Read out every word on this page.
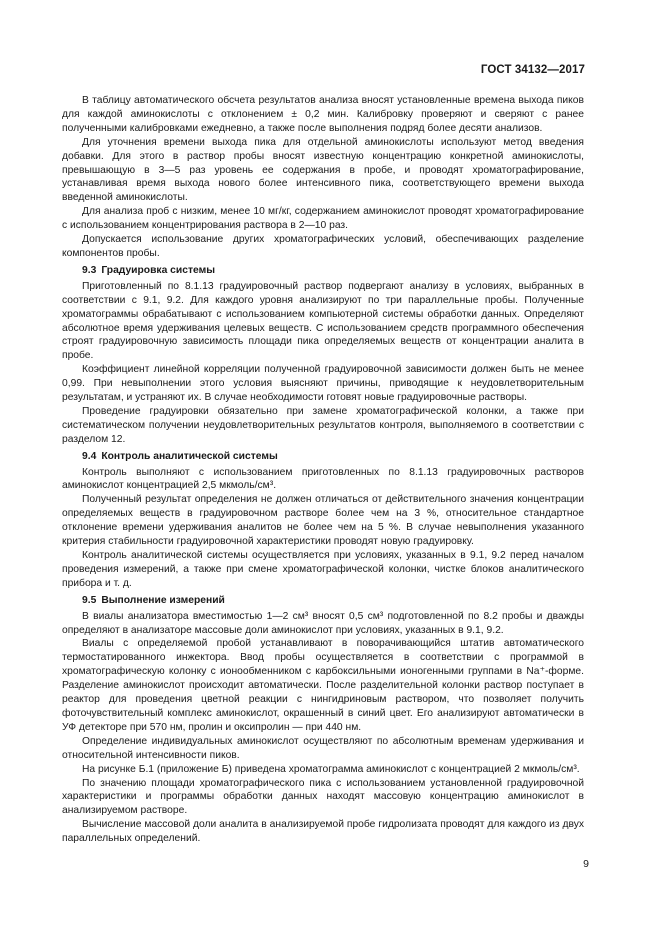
ГОСТ 34132—2017

В таблицу автоматического обсчета результатов анализа вносят установленные времена выхода пиков для каждой аминокислоты с отклонением ± 0,2 мин. Калибровку проверяют и сверяют с ранее полученными калибровками ежедневно, а также после выполнения подряд более десяти анализов.

Для уточнения времени выхода пика для отдельной аминокислоты используют метод введения добавки. Для этого в раствор пробы вносят известную концентрацию конкретной аминокислоты, превышающую в 3—5 раз уровень ее содержания в пробе, и проводят хроматографирование, устанавливая время выхода нового более интенсивного пика, соответствующего времени выхода введенной аминокислоты.

Для анализа проб с низким, менее 10 мг/кг, содержанием аминокислот проводят хроматографирование с использованием концентрирования раствора в 2—10 раз.

Допускается использование других хроматографических условий, обеспечивающих разделение компонентов пробы.

9.3 Градуировка системы

Приготовленный по 8.1.13 градуировочный раствор подвергают анализу в условиях, выбранных в соответствии с 9.1, 9.2. Для каждого уровня анализируют по три параллельные пробы. Полученные хроматограммы обрабатывают с использованием компьютерной системы обработки данных. Определяют абсолютное время удерживания целевых веществ. С использованием средств программного обеспечения строят градуировочную зависимость площади пика определяемых веществ от концентрации аналита в пробе.

Коэффициент линейной корреляции полученной градуировочной зависимости должен быть не менее 0,99. При невыполнении этого условия выясняют причины, приводящие к неудовлетворительным результатам, и устраняют их. В случае необходимости готовят новые градуировочные растворы.

Проведение градуировки обязательно при замене хроматографической колонки, а также при систематическом получении неудовлетворительных результатов контроля, выполняемого в соответствии с разделом 12.

9.4 Контроль аналитической системы

Контроль выполняют с использованием приготовленных по 8.1.13 градуировочных растворов аминокислот концентрацией 2,5 мкмоль/см³.

Полученный результат определения не должен отличаться от действительного значения концентрации определяемых веществ в градуировочном растворе более чем на 3 %, относительное стандартное отклонение времени удерживания аналитов не более чем на 5 %. В случае невыполнения указанного критерия стабильности градуировочной характеристики проводят новую градуировку.

Контроль аналитической системы осуществляется при условиях, указанных в 9.1, 9.2 перед началом проведения измерений, а также при смене хроматографической колонки, чистке блоков аналитического прибора и т. д.

9.5 Выполнение измерений

В виалы анализатора вместимостью 1—2 см³ вносят 0,5 см³ подготовленной по 8.2 пробы и дважды определяют в анализаторе массовые доли аминокислот при условиях, указанных в 9.1, 9.2.

Виалы с определяемой пробой устанавливают в поворачивающийся штатив автоматического термостатированного инжектора. Ввод пробы осуществляется в соответствии с программой в хроматографическую колонку с ионообменником с карбоксильными ионогенными группами в Na⁺-форме. Разделение аминокислот происходит автоматически. После разделительной колонки раствор поступает в реактор для проведения цветной реакции с нингидриновым раствором, что позволяет получить фоточувствительный комплекс аминокислот, окрашенный в синий цвет. Его анализируют автоматически в УФ детекторе при 570 нм, пролин и оксипролин — при 440 нм.

Определение индивидуальных аминокислот осуществляют по абсолютным временам удерживания и относительной интенсивности пиков.

На рисунке Б.1 (приложение Б) приведена хроматограмма аминокислот с концентрацией 2 мкмоль/см³.

По значению площади хроматографического пика с использованием установленной градуировочной характеристики и программы обработки данных находят массовую концентрацию аминокислот в анализируемом растворе.

Вычисление массовой доли аналита в анализируемой пробе гидролизата проводят для каждого из двух параллельных определений.

9
